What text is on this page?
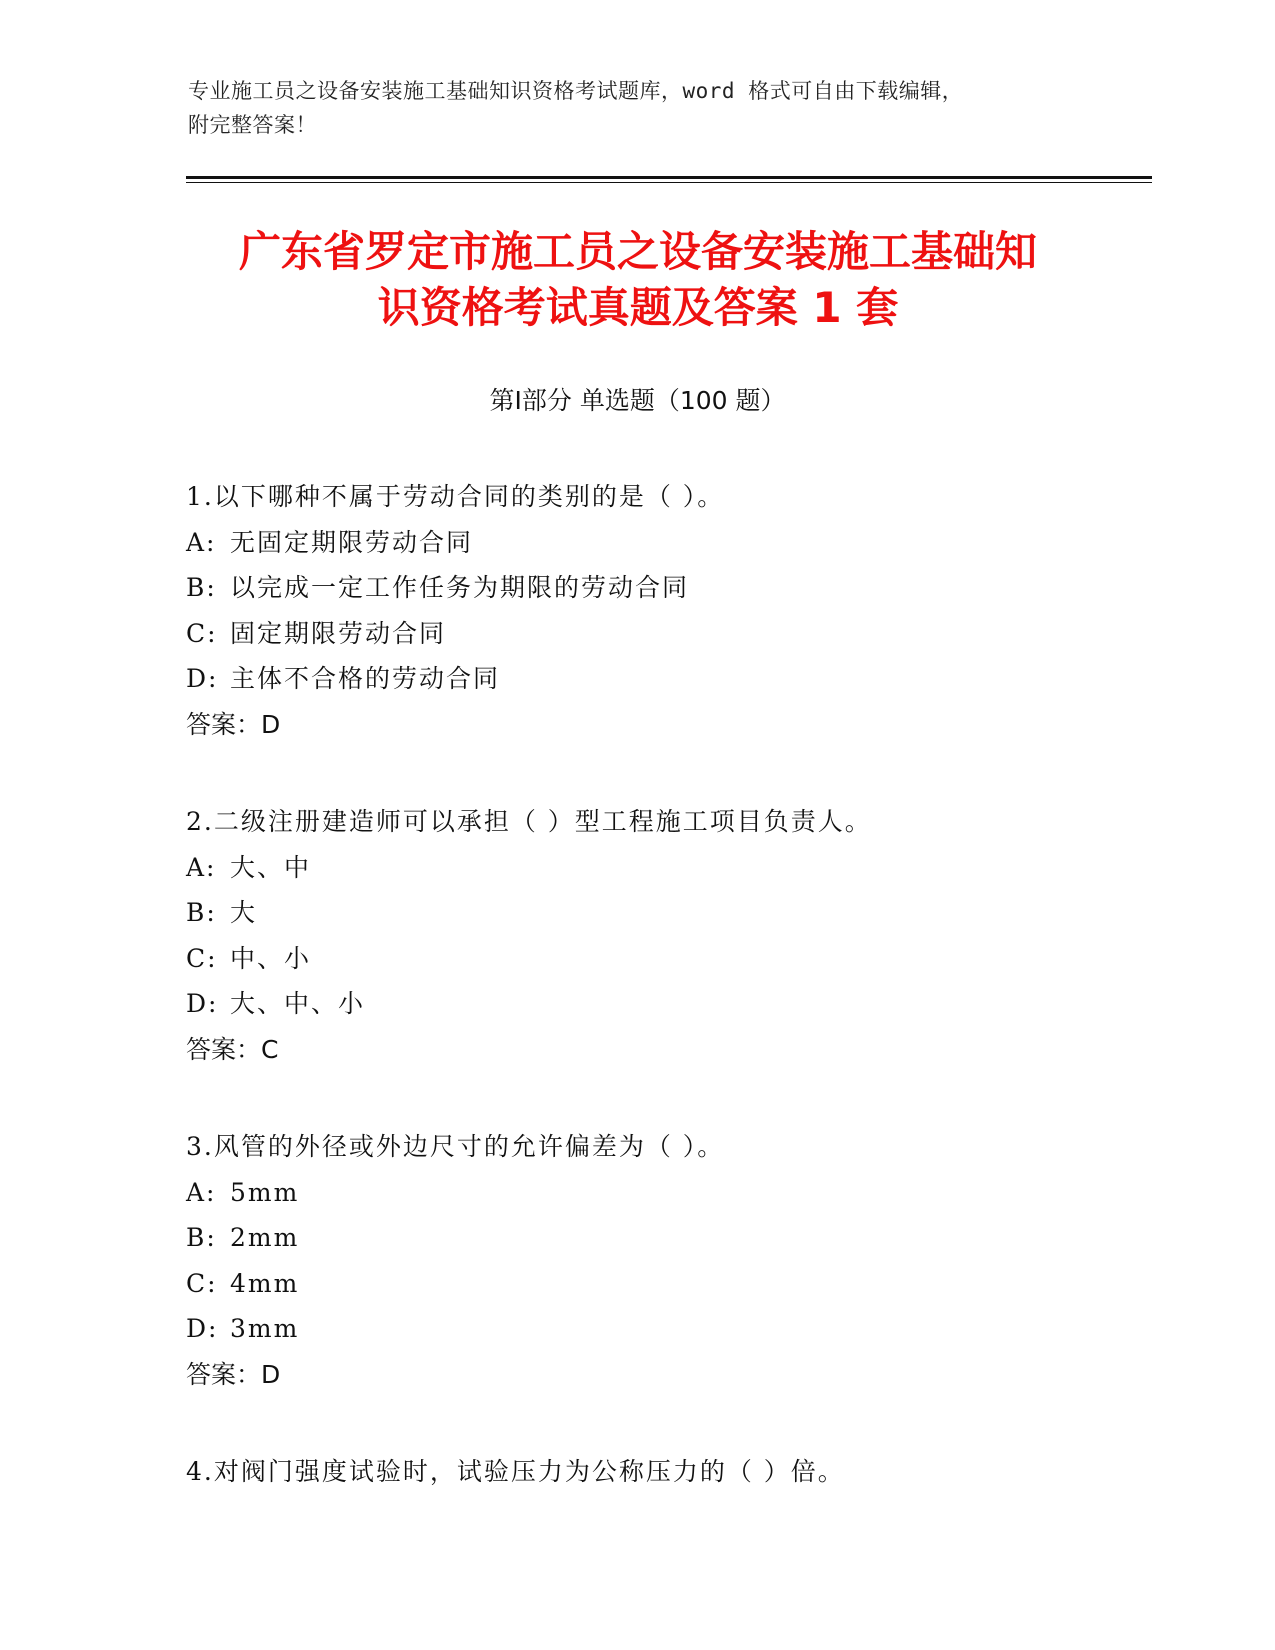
专业施工员之设备安装施工基础知识资格考试题库，word 格式可自由下载编辑，
附完整答案！
广东省罗定市施工员之设备安装施工基础知
识资格考试真题及答案 1 套
第Ⅰ部分 单选题（100 题）
1.以下哪种不属于劳动合同的类别的是（ ）。
A: 无固定期限劳动合同
B: 以完成一定工作任务为期限的劳动合同
C: 固定期限劳动合同
D: 主体不合格的劳动合同
答案：D
2.二级注册建造师可以承担（ ）型工程施工项目负责人。
A: 大、中
B: 大
C: 中、小
D: 大、中、小
答案：C
3.风管的外径或外边尺寸的允许偏差为（ ）。
A: 5mm
B: 2mm
C: 4mm
D: 3mm
答案：D
4.对阀门强度试验时，试验压力为公称压力的（ ）倍。
